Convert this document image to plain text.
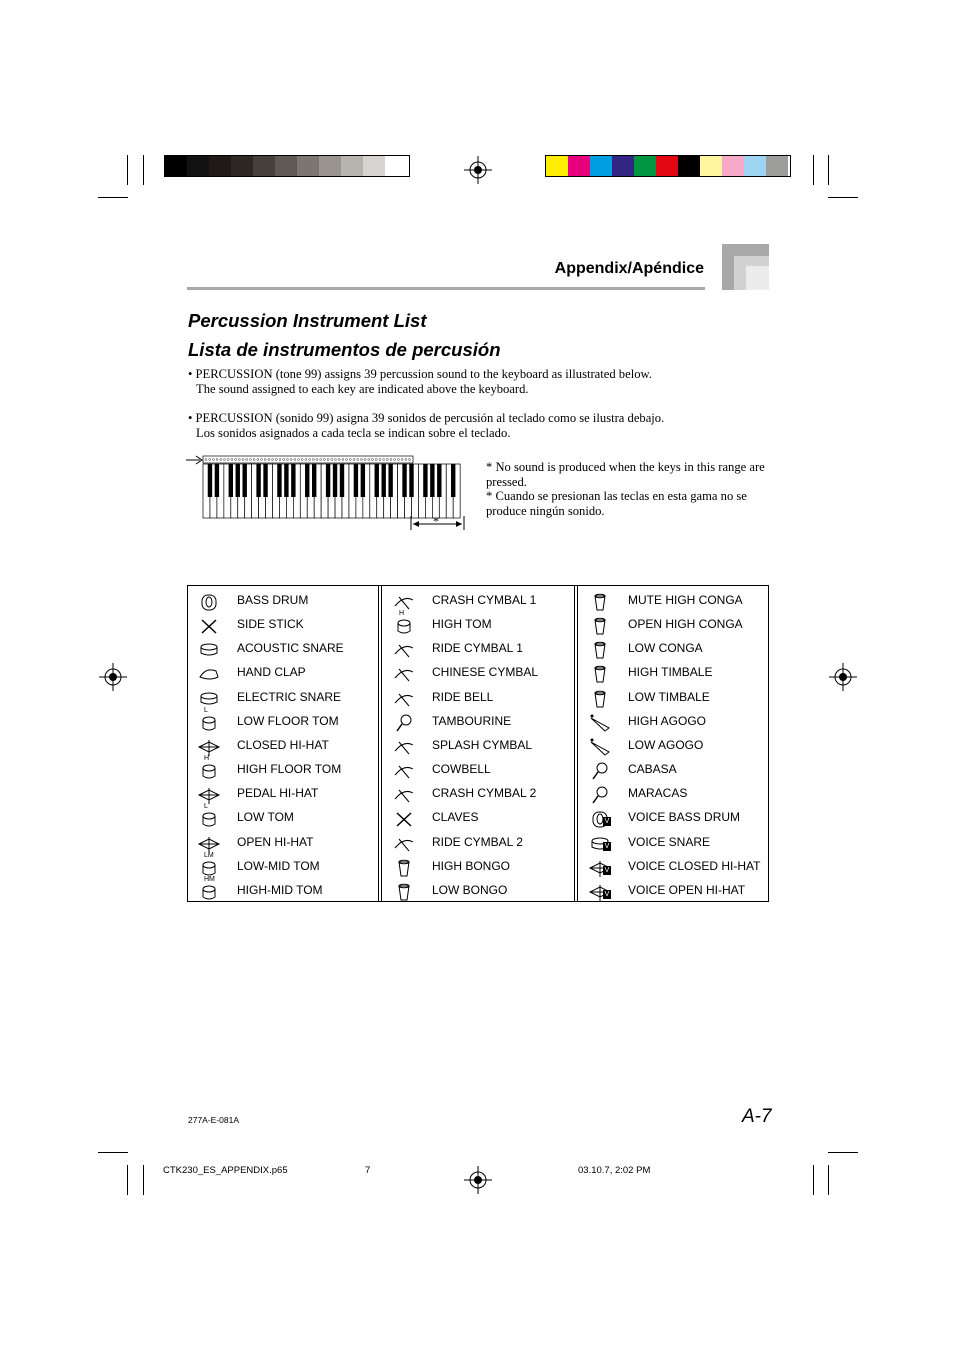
Appendix/Apéndice
Percussion Instrument List
Lista de instrumentos de percusión
• PERCUSSION (tone 99) assigns 39 percussion sound to the keyboard as illustrated below.
The sound assigned to each key are indicated above the keyboard.
• PERCUSSION (sonido 99) asigna 39 sonidos de percusión al teclado como se ilustra debajo.
Los sonidos asignados a cada tecla se indican sobre el teclado.
*
* No sound is produced when the keys in this range are pressed.
* Cuando se presionan las teclas en esta gama no se produce ningún sonido.
BASS DRUM
SIDE STICK
ACOUSTIC SNARE
HAND CLAP
ELECTRIC SNARE
L
LOW FLOOR TOM
CLOSED HI-HAT
H
HIGH FLOOR TOM
PEDAL HI-HAT
L
LOW TOM
OPEN HI-HAT
LM
LOW-MID TOM
HM
HIGH-MID TOM
CRASH CYMBAL 1
H
HIGH TOM
RIDE CYMBAL 1
CHINESE CYMBAL
RIDE BELL
TAMBOURINE
SPLASH CYMBAL
COWBELL
CRASH CYMBAL 2
CLAVES
RIDE CYMBAL 2
HIGH BONGO
LOW BONGO
MUTE HIGH CONGA
OPEN HIGH CONGA
LOW CONGA
HIGH TIMBALE
LOW TIMBALE
HIGH AGOGO
LOW AGOGO
CABASA
MARACAS
V VOICE BASS DRUM
V VOICE SNARE
V VOICE CLOSED HI-HAT
V VOICE OPEN HI-HAT
277A-E-081A	A-7
CTK230_ES_APPENDIX.p65	7	03.10.7, 2:02 PM
